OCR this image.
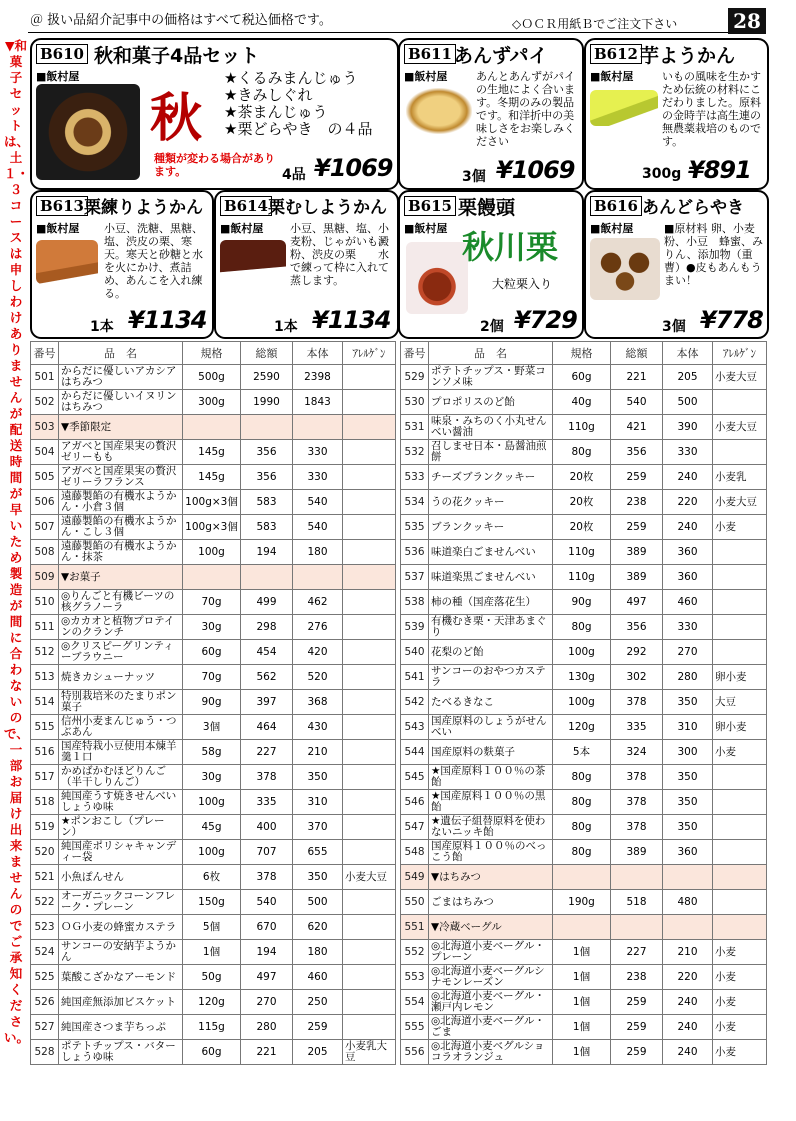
＠ 扱い品紹介記事中の価格はすべて税込価格です。	◇ＯＣＲ用紙Ｂでご注文下さい	28
▼和菓子セットは、土１・３コースは申しわけありませんが配送時間が早いため製造が間に合わないので、一部お届け出来ませんのでご承知ください。
B610 秋和菓子4品セット
■飯村屋
秋
★くるみまんじゅう
★きみしぐれ
★茶まんじゅう
★栗どらやき　の４品
種類が変わる場合があります。	4品 ¥1069
B611 あんずパイ
■飯村屋	あんとあんずがパイの生地によく合います。冬期のみの製品です。和洋折中の美味しさをお楽しみください
3個 ¥1069
B612 芋ようかん
■飯村屋	いもの風味を生かすため伝統の材料にこだわりました。原料の金時芋は高生連の無農薬栽培のものです。
300g ¥891
B613 栗練りようかん
■飯村屋 小豆、洗糖、黒糖、塩、渋皮の栗、寒天。寒天と砂糖と水を火にかけ、煮詰め、あんこを入れ練る。
1本 ¥1134
B614 栗むしようかん
■飯村屋 小豆、黒糖、塩、小麦粉、じゃがいも澱粉、渋皮の栗　　水で練って枠に入れて蒸します。
1本 ¥1134
B615 栗饅頭
■飯村屋 秋川栗
大粒栗入り
2個 ¥729
B616 あんどらやき
■飯村屋	■原材料 卵、小麦粉、小豆　蜂蜜、みりん、添加物（重曹）●皮もあんもうまい！
3個 ¥778
番号	品　名	規格	総額	本体	ｱﾚﾙｹﾞﾝ
501	からだに優しいアカシアはちみつ	500g	2590	2398	
502	からだに優しいイヌリンはちみつ	300g	1990	1843	
503	▼季節限定				
504	アガベと国産果実の贅沢ゼリーもも	145g	356	330	
505	アガベと国産果実の贅沢ゼリーラフランス	145g	356	330	
506	遠藤製餡の有機水ようかん・小倉３個	100g×3個	583	540	
507	遠藤製餡の有機水ようかん・こし３個	100g×3個	583	540	
508	遠藤製餡の有機水ようかん・抹茶	100g	194	180	
509	▼お菓子				
510	◎りんごと有機ビーツの核グラノーラ	70g	499	462	
511	◎カカオと植物プロテインのクランチ	30g	298	276	
512	◎クリスピーグリンティーブラウニー	60g	454	420	
513	焼きカシューナッツ	70g	562	520	
514	特別栽培米のたまりポン菓子	90g	397	368	
515	信州小麦まんじゅう・つぶあん	3個	464	430	
516	国産特栽小豆使用本煉羊羹１口	58g	227	210	
517	かめばかむほどりんご（半干しりんご）	30g	378	350	
518	純国産うす焼きせんべいしょうゆ味	100g	335	310	
519	★ポンおこし（プレーン）	45g	400	370	
520	純国産ポリシャキャンディー袋	100g	707	655	
521	小魚ぽんせん	6枚	378	350	小麦大豆
522	オーガニックコーンフレーク・プレーン	150g	540	500	
523	ＯＧ小麦の蜂蜜カステラ	5個	670	620	
524	サンコーの安納芋ようかん	1個	194	180	
525	葉酸こざかなアーモンド	50g	497	460	
526	純国産無添加ビスケット	120g	270	250	
527	純国産さつま芋ちっぷ	115g	280	259	
528	ポテトチップス・バターしょうゆ味	60g	221	205	小麦乳大豆
番号	品　名	規格	総額	本体	ｱﾚﾙｹﾞﾝ
529	ポテトチップス・野菜コンソメ味	60g	221	205	小麦大豆
530	プロポリスのど飴	40g	540	500	
531	味泉・みちのく小丸せんべい醤油	110g	421	390	小麦大豆
532	召しませ日本・島醤油煎餅	80g	356	330	
533	チーズブランクッキー	20枚	259	240	小麦乳
534	うの花クッキー	20枚	238	220	小麦大豆
535	ブランクッキー	20枚	259	240	小麦
536	味道楽白ごませんべい	110g	389	360	
537	味道楽黒ごませんべい	110g	389	360	
538	柿の種（国産落花生）	90g	497	460	
539	有機むき栗・天津あまぐり	80g	356	330	
540	花梨のど飴	100g	292	270	
541	サンコーのおやつカステラ	130g	302	280	卵小麦
542	たべるきなこ	100g	378	350	大豆
543	国産原料のしょうがせんべい	120g	335	310	卵小麦
544	国産原料の麩菓子	5本	324	300	小麦
545	★国産原料１００％の茶飴	80g	378	350	
546	★国産原料１００％の黒飴	80g	378	350	
547	★遺伝子組替原料を使わないニッキ飴	80g	378	350	
548	国産原料１００％のべっこう飴	80g	389	360	
549	▼はちみつ				
550	ごまはちみつ	190g	518	480	
551	▼冷蔵ベーグル				
552	◎北海道小麦ベーグル・プレーン	1個	227	210	小麦
553	◎北海道小麦ベーグルシナモンレーズン	1個	238	220	小麦
554	◎北海道小麦ベーグル・瀬戸内レモン	1個	259	240	小麦
555	◎北海道小麦ベーグル・ごま	1個	259	240	小麦
556	◎北海道小麦ベグルショコラオランジュ	1個	259	240	小麦
